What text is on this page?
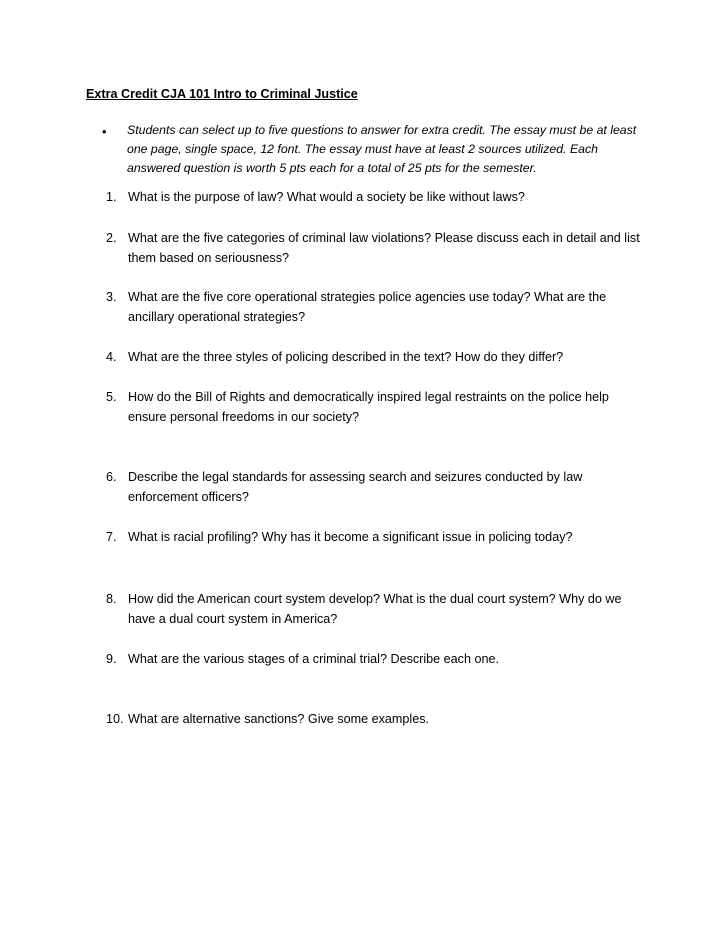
Extra Credit CJA 101 Intro to Criminal Justice
• Students can select up to five questions to answer for extra credit. The essay must be at least one page, single space, 12 font. The essay must have at least 2 sources utilized. Each answered question is worth 5 pts each for a total of 25 pts for the semester.
1. What is the purpose of law? What would a society be like without laws?
2. What are the five categories of criminal law violations? Please discuss each in detail and list them based on seriousness?
3. What are the five core operational strategies police agencies use today? What are the ancillary operational strategies?
4. What are the three styles of policing described in the text? How do they differ?
5. How do the Bill of Rights and democratically inspired legal restraints on the police help ensure personal freedoms in our society?
6. Describe the legal standards for assessing search and seizures conducted by law enforcement officers?
7. What is racial profiling? Why has it become a significant issue in policing today?
8. How did the American court system develop? What is the dual court system? Why do we have a dual court system in America?
9. What are the various stages of a criminal trial? Describe each one.
10. What are alternative sanctions? Give some examples.
